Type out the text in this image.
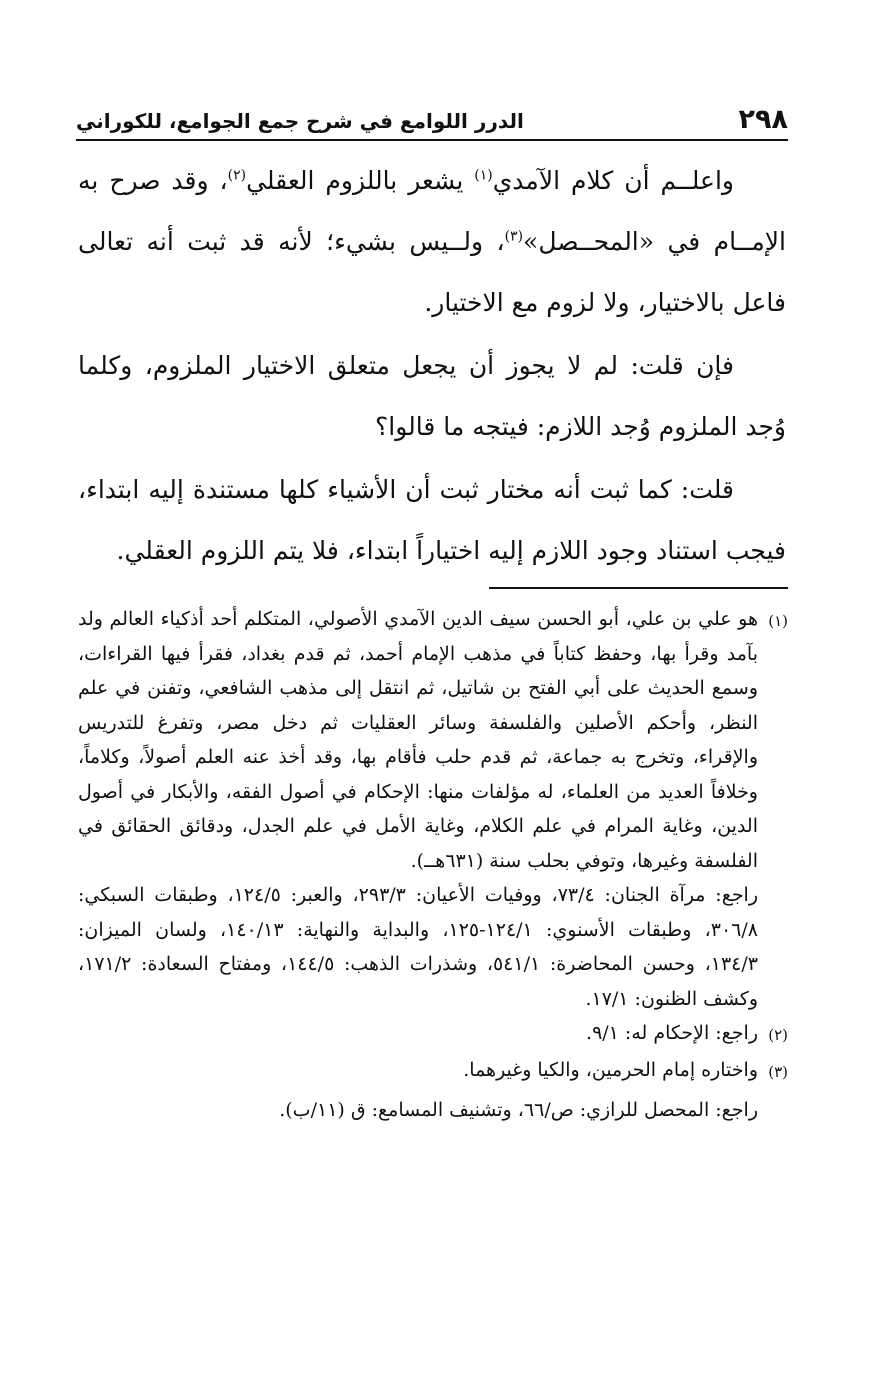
٢٩٨
الدرر اللوامع في شرح جمع الجوامع، للكوراني

واعلــم أن كلام الآمدي$^{(١)}$ يشعر باللزوم العقلي$^{(٢)}$، وقد صرح به الإمــام في «المحــصل»$^{(٣)}$، ولــيس بشيء؛ لأنه قد ثبت أنه تعالى فاعل بالاختيار، ولا لزوم مع الاختيار.

فإن قلت: لم لا يجوز أن يجعل متعلق الاختيار الملزوم، وكلما وُجد الملزوم وُجد اللازم: فيتجه ما قالوا؟

قلت: كما ثبت أنه مختار ثبت أن الأشياء كلها مستندة إليه ابتداء، فيجب استناد وجود اللازم إليه اختياراً ابتداء، فلا يتم اللزوم العقلي.

(١)

هو علي بن علي، أبو الحسن سيف الدين الآمدي الأصولي، المتكلم أحد أذكياء العالم ولد بآمد وقرأ بها، وحفظ كتاباً في مذهب الإمام أحمد، ثم قدم بغداد، فقرأ فيها القراءات، وسمع الحديث على أبي الفتح بن شاتيل، ثم انتقل إلى مذهب الشافعي، وتفنن في علم النظر، وأحكم الأصلين والفلسفة وسائر العقليات ثم دخل مصر، وتفرغ للتدريس والإقراء، وتخرج به جماعة، ثم قدم حلب فأقام بها، وقد أخذ عنه العلم أصولاً، وكلاماً، وخلافاً العديد من العلماء، له مؤلفات منها: الإحكام في أصول الفقه، والأبكار في أصول الدين، وغاية المرام في علم الكلام، وغاية الأمل في علم الجدل، ودقائق الحقائق في الفلسفة وغيرها، وتوفي بحلب سنة (٦٣١هــ).

راجع: مرآة الجنان: ٧٣/٤، ووفيات الأعيان: ٢٩٣/٣، والعبر: ١٢٤/٥، وطبقات السبكي: ٣٠٦/٨، وطبقات الأسنوي: ١٢٤/١-١٢٥، والبداية والنهاية: ١٤٠/١٣، ولسان الميزان: ١٣٤/٣، وحسن المحاضرة: ٥٤١/١، وشذرات الذهب: ١٤٤/٥، ومفتاح السعادة: ١٧١/٢، وكشف الظنون: ١٧/١.

(٢)

راجع: الإحكام له: ٩/١.

(٣)

واختاره إمام الحرمين، والكيا وغيرهما.

راجع: المحصل للرازي: ص/٦٦، وتشنيف المسامع: ق (١١/ب).
